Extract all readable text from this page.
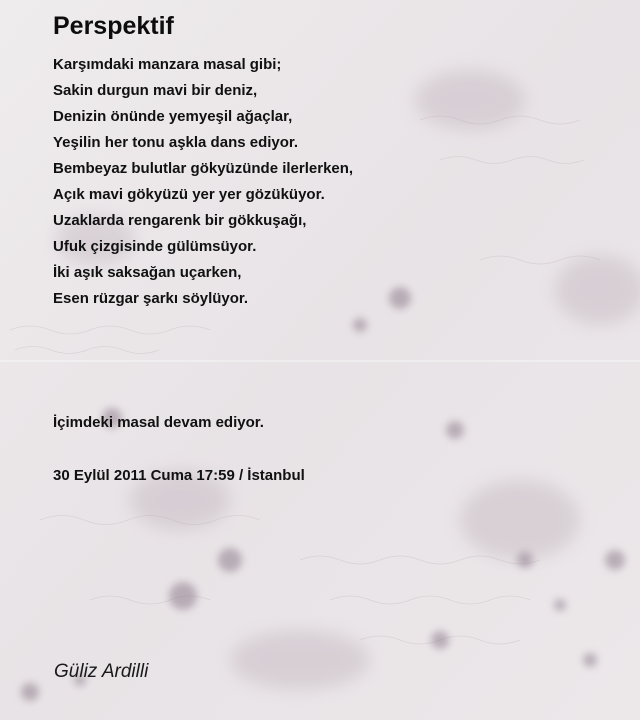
Perspektif
Karşımdaki manzara masal gibi;
Sakin durgun mavi bir deniz,
Denizin önünde yemyeşil ağaçlar,
Yeşilin her tonu aşkla dans ediyor.
Bembeyaz bulutlar gökyüzünde ilerlerken,
Açık mavi gökyüzü yer yer gözüküyor.
Uzaklarda rengarenk bir gökkuşağı,
Ufuk çizgisinde gülümsüyor.
İki aşık saksağan uçarken,
Esen rüzgar şarkı söylüyor.

İçimdeki masal devam ediyor.

30 Eylül 2011 Cuma 17:59 / İstanbul

Güliz Ardilli
